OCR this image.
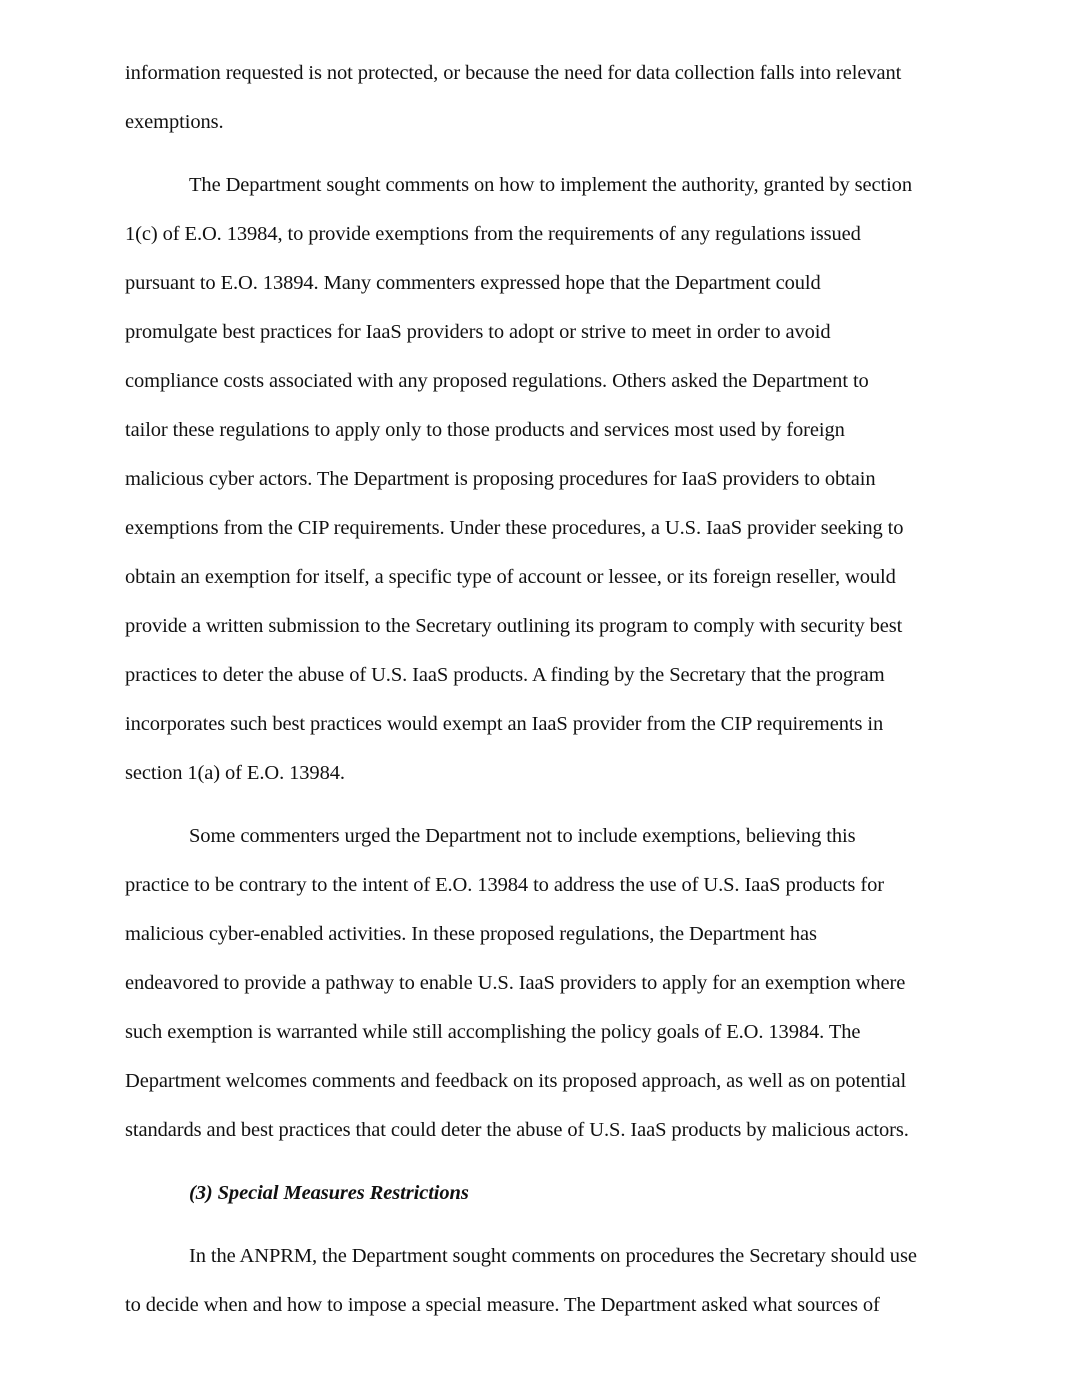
information requested is not protected, or because the need for data collection falls into relevant
exemptions.
The Department sought comments on how to implement the authority, granted by section
1(c) of E.O. 13984, to provide exemptions from the requirements of any regulations issued
pursuant to E.O. 13894. Many commenters expressed hope that the Department could
promulgate best practices for IaaS providers to adopt or strive to meet in order to avoid
compliance costs associated with any proposed regulations. Others asked the Department to
tailor these regulations to apply only to those products and services most used by foreign
malicious cyber actors. The Department is proposing procedures for IaaS providers to obtain
exemptions from the CIP requirements. Under these procedures, a U.S. IaaS provider seeking to
obtain an exemption for itself, a specific type of account or lessee, or its foreign reseller, would
provide a written submission to the Secretary outlining its program to comply with security best
practices to deter the abuse of U.S. IaaS products. A finding by the Secretary that the program
incorporates such best practices would exempt an IaaS provider from the CIP requirements in
section 1(a) of E.O. 13984.
Some commenters urged the Department not to include exemptions, believing this
practice to be contrary to the intent of E.O. 13984 to address the use of U.S. IaaS products for
malicious cyber-enabled activities. In these proposed regulations, the Department has
endeavored to provide a pathway to enable U.S. IaaS providers to apply for an exemption where
such exemption is warranted while still accomplishing the policy goals of E.O. 13984. The
Department welcomes comments and feedback on its proposed approach, as well as on potential
standards and best practices that could deter the abuse of U.S. IaaS products by malicious actors.
(3) Special Measures Restrictions
In the ANPRM, the Department sought comments on procedures the Secretary should use
to decide when and how to impose a special measure. The Department asked what sources of
